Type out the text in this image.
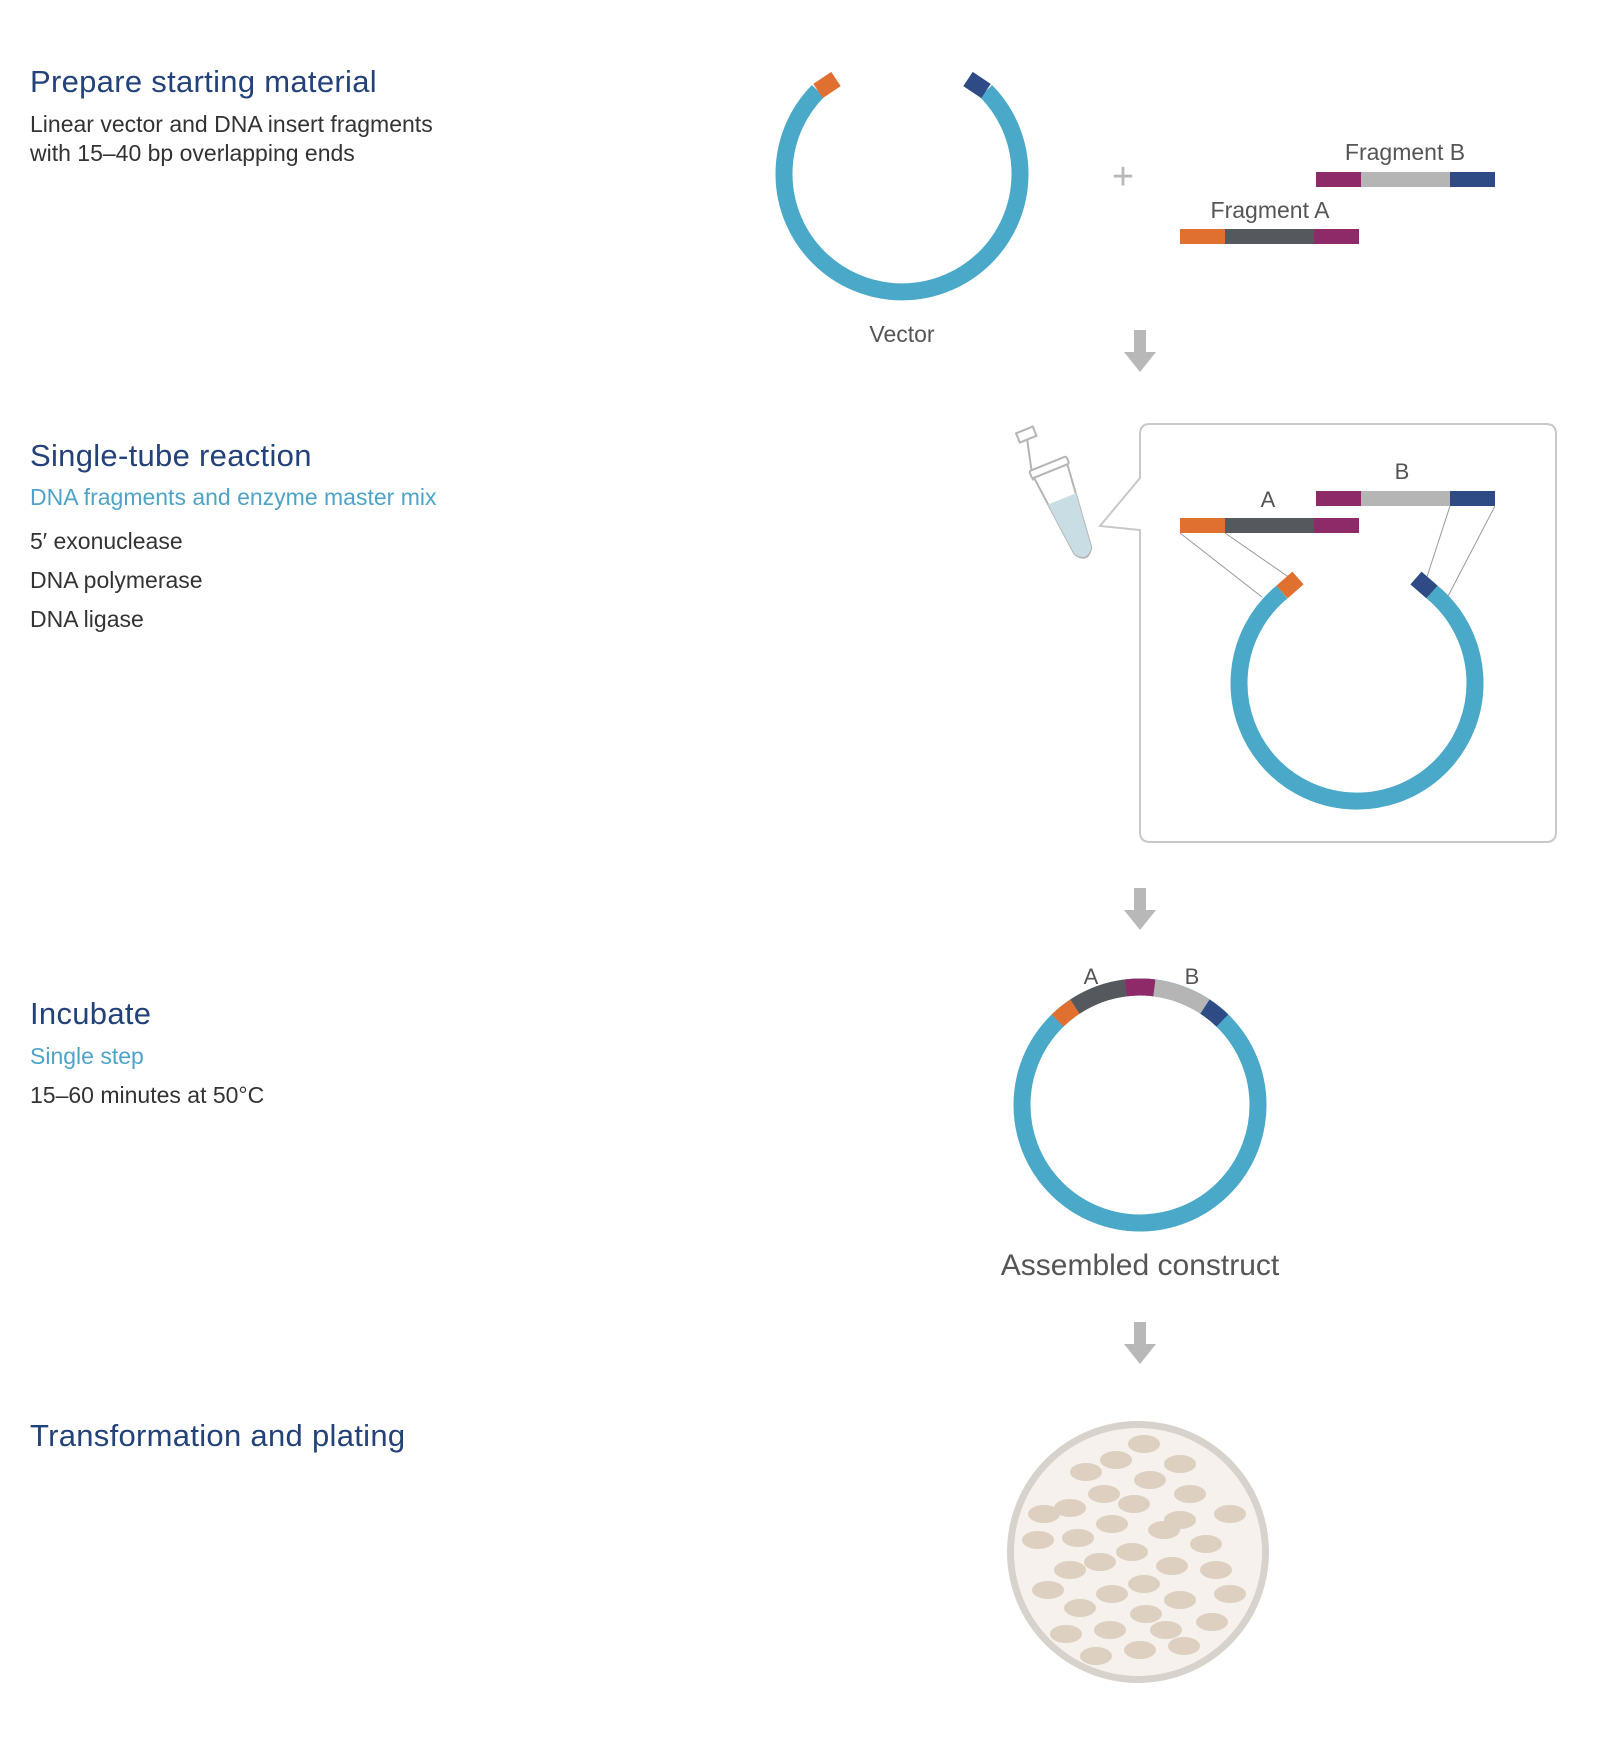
Prepare starting material
Linear vector and DNA insert fragments
with 15–40 bp overlapping ends
Single-tube reaction

DNA fragments and enzyme master mix

5′ exonuclease
DNA polymerase
DNA ligase
Incubate

Single step

15–60 minutes at 50°C

Transformation and plating
Vector
+
Fragment B
Fragment A
A
B
A	B
Assembled construct
